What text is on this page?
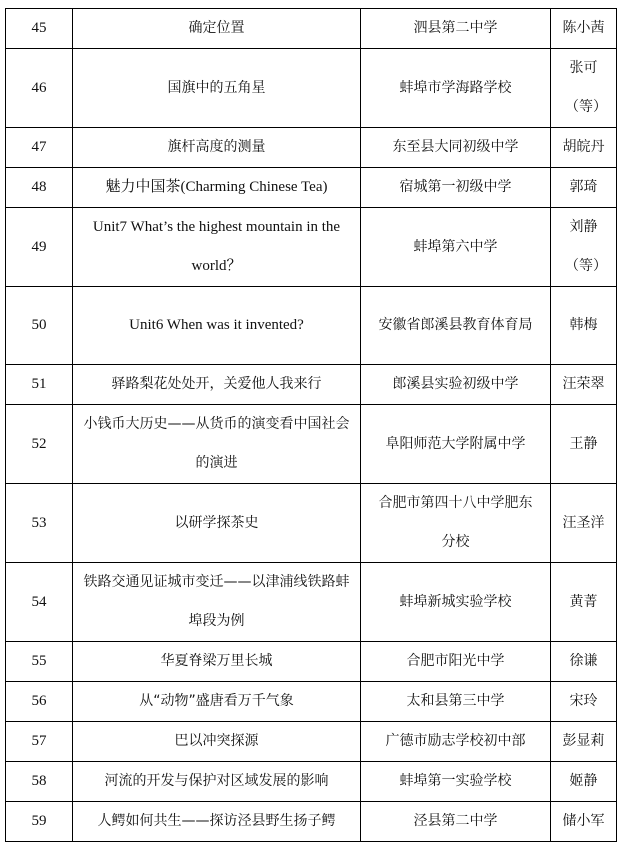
45	确定位置	泗县第二中学	陈小茜
46	国旗中的五角星	蚌埠市学海路学校	张可（等）
47	旗杆高度的测量	东至县大同初级中学	胡皖丹
48	魅力中国茶(Charming Chinese Tea)	宿城第一初级中学	郭琦
49	Unit7 What’s the highest mountain in theworld？	蚌埠第六中学	刘静（等）
50	Unit6 When was it invented?	安徽省郎溪县教育体育局	韩梅
51	驿路梨花处处开，关爱他人我来行	郎溪县实验初级中学	汪荣翠
52	小钱币大历史——从货币的演变看中国社会的演进	阜阳师范大学附属中学	王静
53	以研学探茶史	合肥市第四十八中学肥东分校	汪圣洋
54	铁路交通见证城市变迁——以津浦线铁路蚌埠段为例	蚌埠新城实验学校	黄菁
55	华夏脊梁万里长城	合肥市阳光中学	徐谦
56	从“动物”盛唐看万千气象	太和县第三中学	宋玲
57	巴以冲突探源	广德市励志学校初中部	彭显莉
58	河流的开发与保护对区域发展的影响	蚌埠第一实验学校	姬静
59	人鳄如何共生——探访泾县野生扬子鳄	泾县第二中学	储小军
